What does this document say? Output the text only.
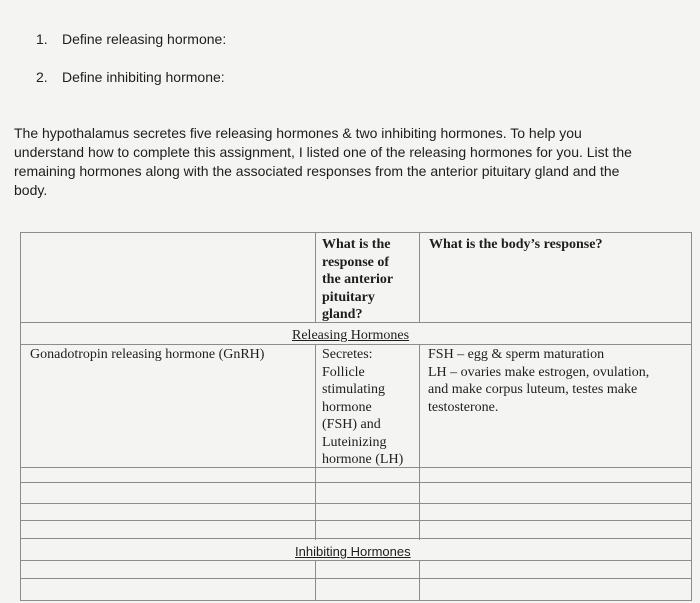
1. Define releasing hormone:
2. Define inhibiting hormone:
The hypothalamus secretes five releasing hormones & two inhibiting hormones. To help you
understand how to complete this assignment, I listed one of the releasing hormones for you. List the
remaining hormones along with the associated responses from the anterior pituitary gland and the
body.
What is the
response of
the anterior
pituitary
gland?
What is the body’s response?
Releasing Hormones
Gonadotropin releasing hormone (GnRH)	Secretes:
Follicle
stimulating
hormone
(FSH) and
Luteinizing
hormone (LH)
FSH – egg & sperm maturation
LH – ovaries make estrogen, ovulation,
and make corpus luteum, testes make
testosterone.
Inhibiting Hormones
